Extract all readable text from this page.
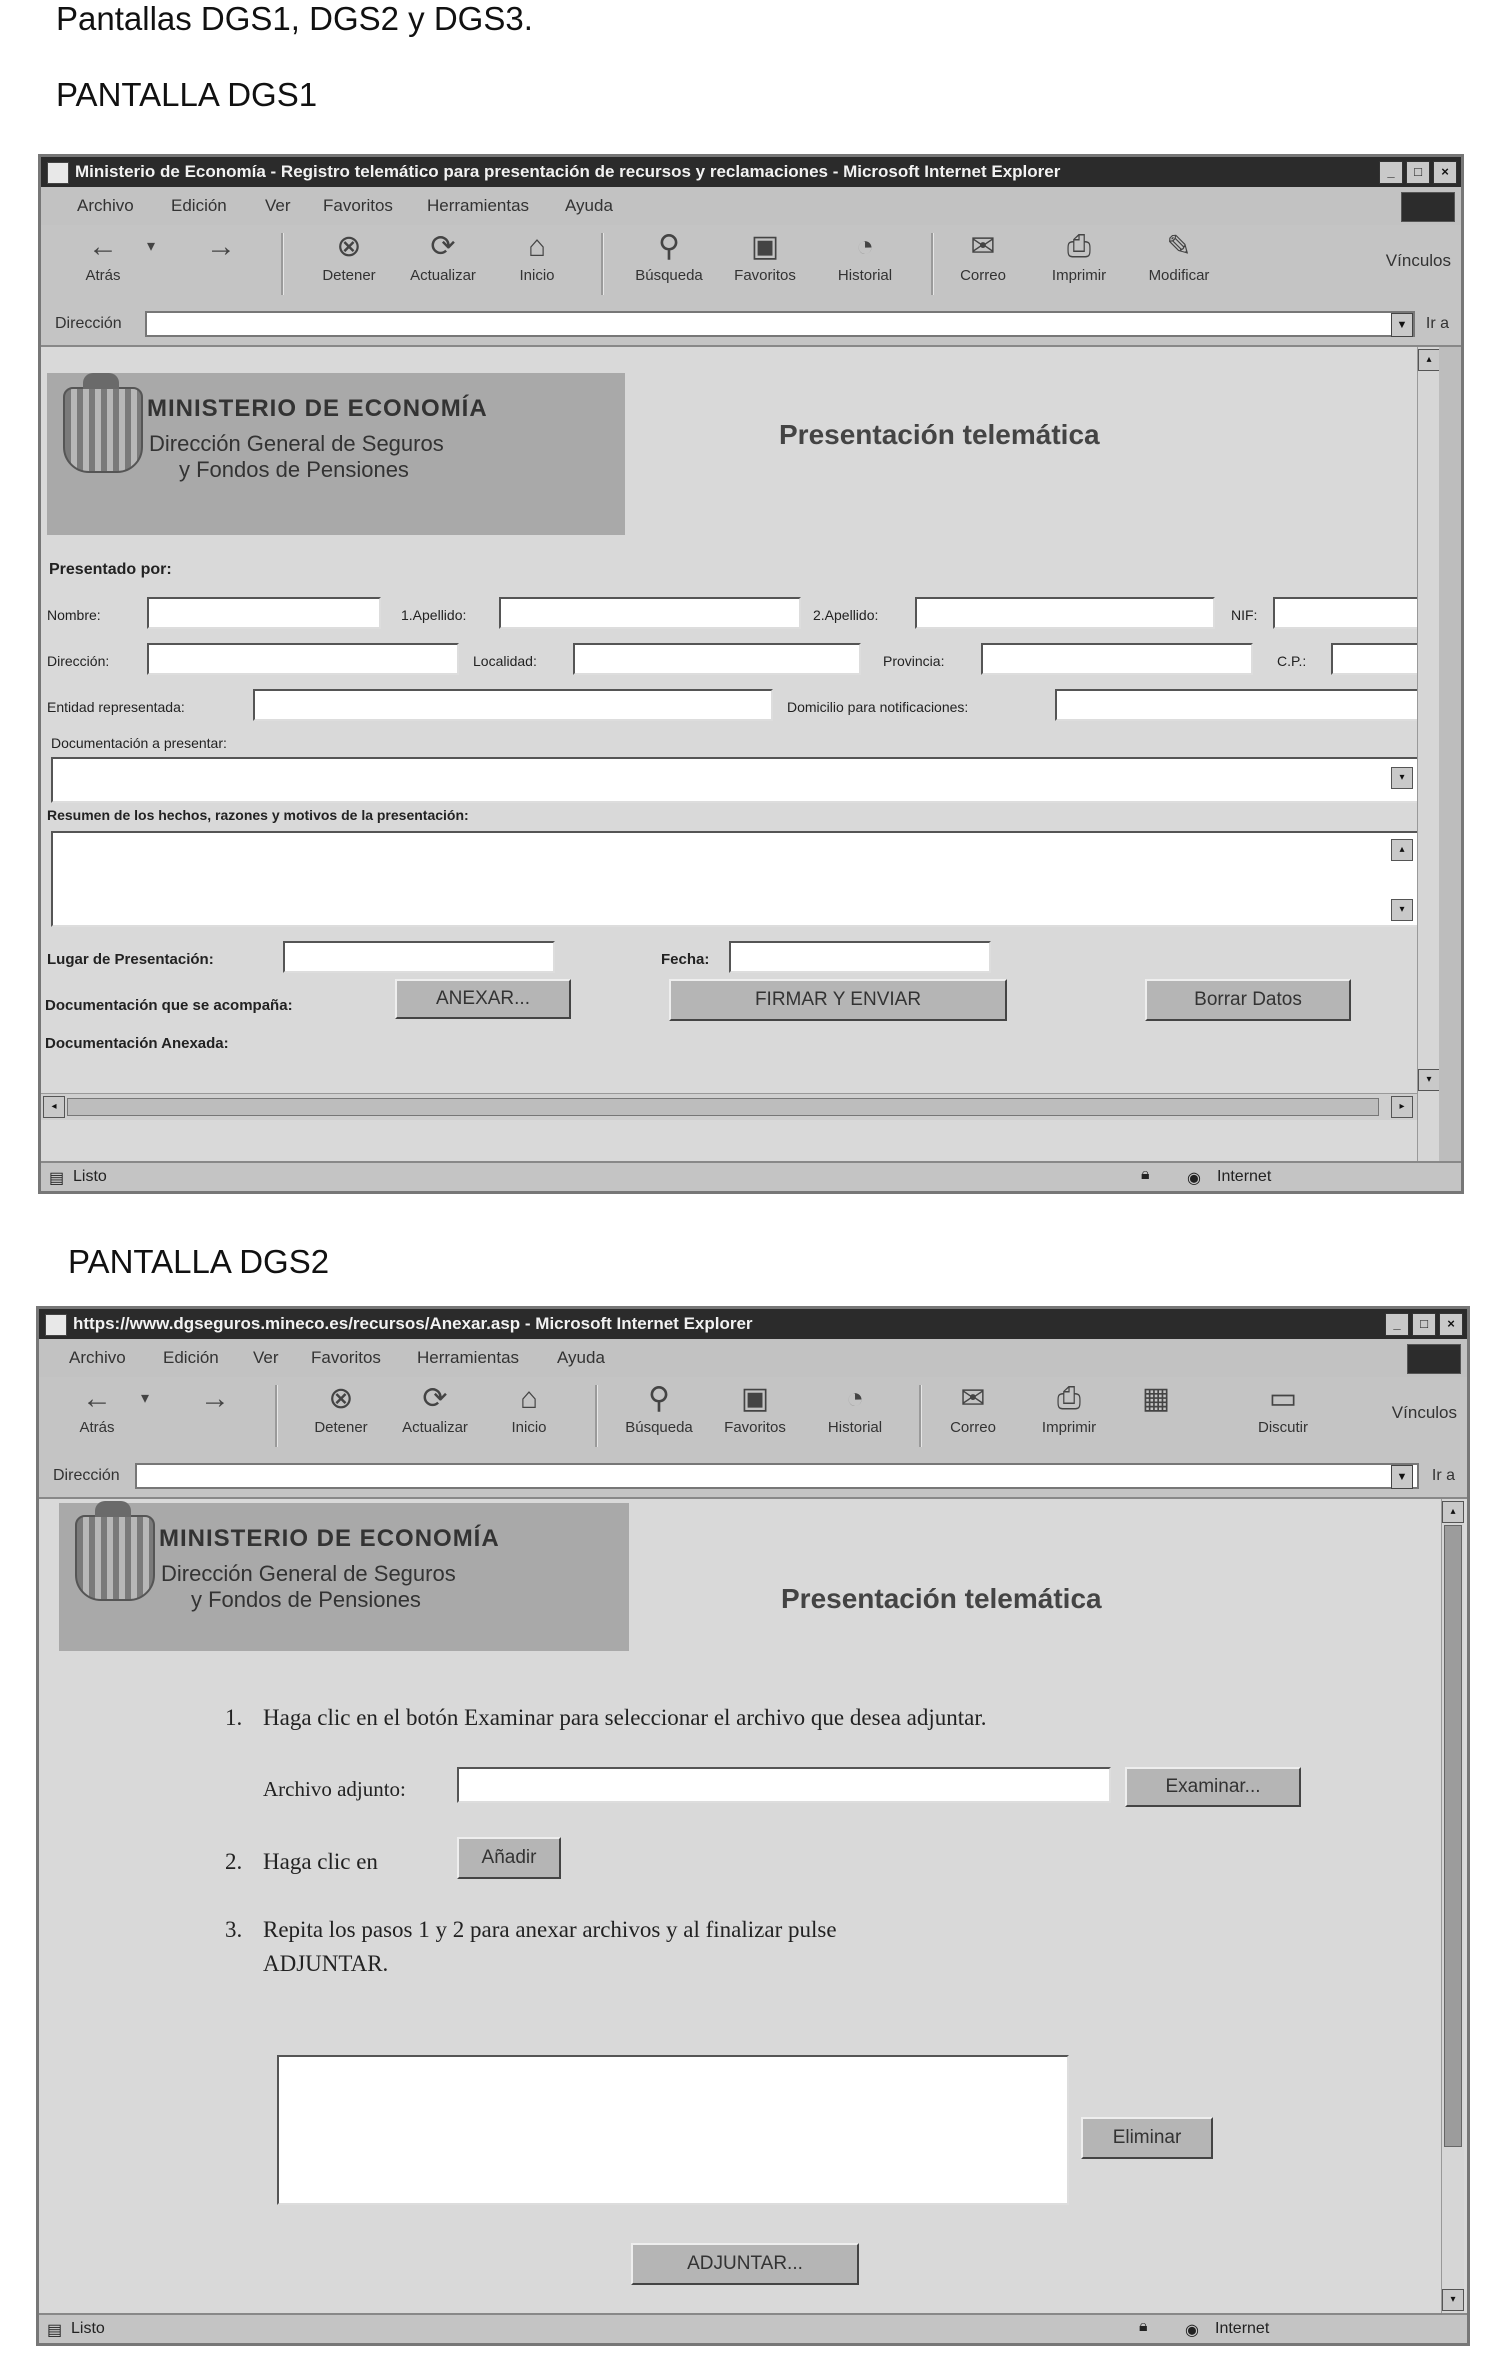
Pantallas DGS1, DGS2 y DGS3.
PANTALLA DGS1
Ministerio de Economía - Registro telemático para presentación de recursos y reclamaciones - Microsoft Internet Explorer	_	□	×
Archivo Edición Ver Favoritos Herramientas Ayuda
←
Atrás
▾	→	⊗
Detener
⟳
Actualizar
⌂
Inicio
⚲
Búsqueda
▣
Favoritos
◔
Historial
✉
Correo
⎙
Imprimir
✎
Modificar
Vínculos
Dirección	▼	Ir a
MINISTERIO DE ECONOMÍA
Dirección General de Seguros
y Fondos de Pensiones
Presentación telemática
Presentado por:
Nombre:	1.Apellido:	2.Apellido:	NIF:
Dirección:	Localidad:	Provincia:	C.P.:
Entidad representada:	Domicilio para notificaciones:
Documentación a presentar:
▾
Resumen de los hechos, razones y motivos de la presentación:
▴
▾
Lugar de Presentación:	Fecha:
Documentación que se acompaña:	ANEXAR...	FIRMAR Y ENVIAR	Borrar Datos
Documentación Anexada:
▴
▾
◂	▸
▤ Listo	🔒︎ ◉ Internet
PANTALLA DGS2
https://www.dgseguros.mineco.es/recursos/Anexar.asp - Microsoft Internet Explorer	_	□	×
Archivo Edición Ver Favoritos Herramientas Ayuda
←
Atrás
▾	→	⊗
Detener
⟳
Actualizar
⌂
Inicio
⚲
Búsqueda
▣
Favoritos
◔
Historial
✉
Correo
⎙
Imprimir
▦	▭
Discutir
Vínculos
Dirección	▼	Ir a
MINISTERIO DE ECONOMÍA
Dirección General de Seguros
y Fondos de Pensiones	Presentación telemática
1. Haga clic en el botón Examinar para seleccionar el archivo que desea adjuntar.
Archivo adjunto:	Examinar...
2. Haga clic en	Añadir
3. Repita los pasos 1 y 2 para anexar archivos y al finalizar pulse
ADJUNTAR.
Eliminar
ADJUNTAR...
▴
▾
▤ Listo	🔒︎ ◉ Internet
